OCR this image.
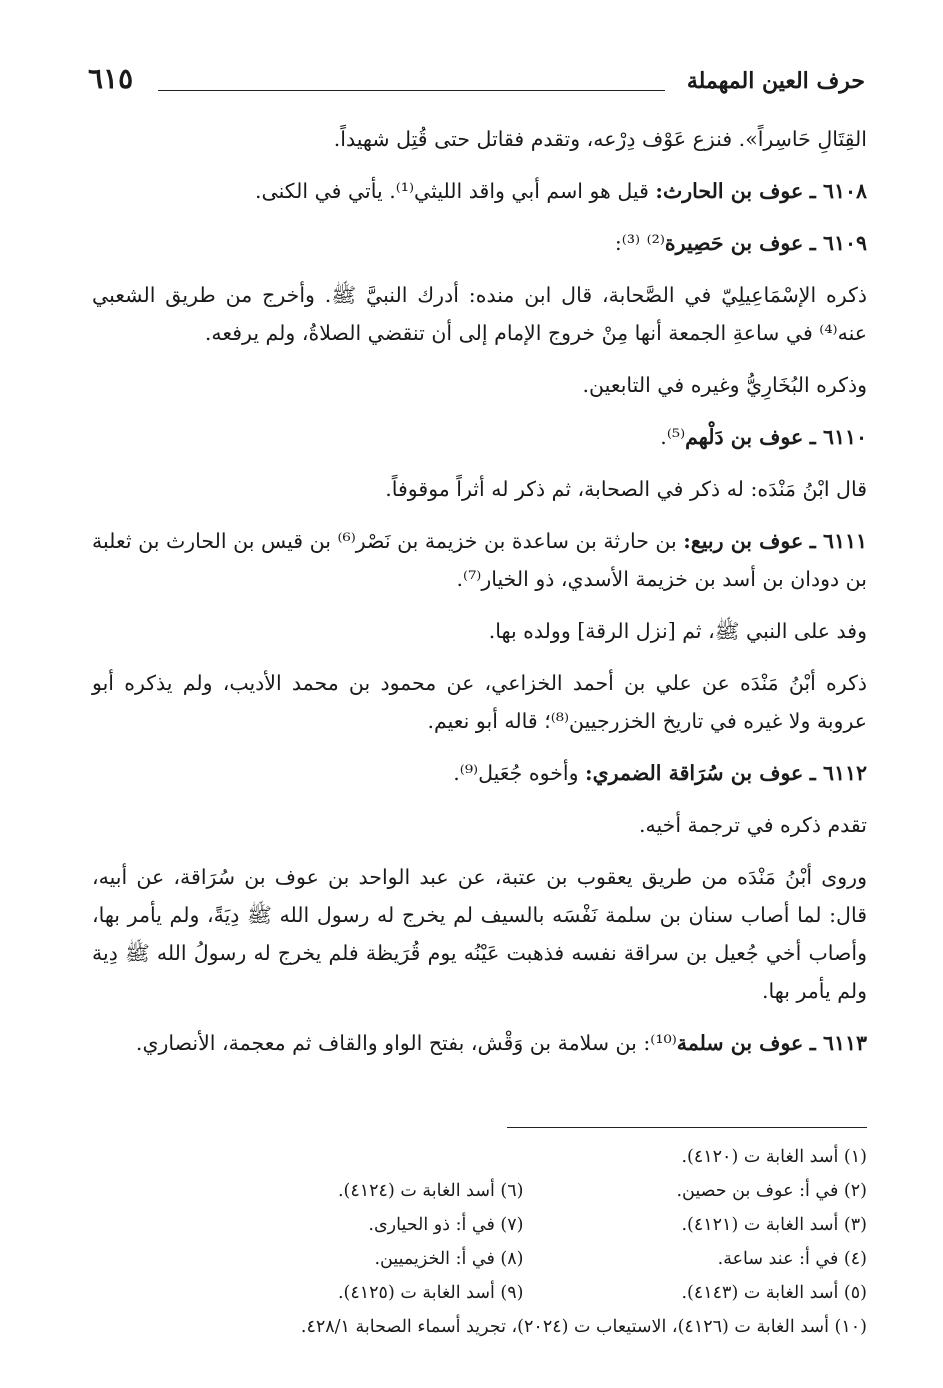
حرف العين المهملة
٦١٥

القِتَالِ حَاسِراً». فنزع عَوْف دِرْعه، وتقدم فقاتل حتى قُتِل شهيداً.

٦١٠٨ ـ عوف بن الحارث: قيل هو اسم أبي واقد الليثي⁽¹⁾. يأتي في الكنى.

٦١٠٩ ـ عوف بن حَصِيرة⁽²⁾ ⁽³⁾:

ذكره الإسْمَاعِيلِيّ في الصَّحابة، قال ابن منده: أدرك النبيَّ ﷺ. وأخرج من طريق الشعبي عنه⁽⁴⁾ في ساعةِ الجمعة أنها مِنْ خروج الإمام إلى أن تنقضي الصلاةُ، ولم يرفعه.

وذكره البُخَارِيُّ وغيره في التابعين.

٦١١٠ ـ عوف بن دَلْهم⁽⁵⁾.

قال ابْنُ مَنْدَه: له ذكر في الصحابة، ثم ذكر له أثراً موقوفاً.

٦١١١ ـ عوف بن ربيع: بن حارثة بن ساعدة بن خزيمة بن نَصْر⁽⁶⁾ بن قيس بن الحارث بن ثعلبة بن دودان بن أسد بن خزيمة الأسدي، ذو الخيار⁽⁷⁾.

وفد على النبي ﷺ، ثم [نزل الرقة] وولده بها.

ذكره أبْنُ مَنْدَه عن علي بن أحمد الخزاعي، عن محمود بن محمد الأديب، ولم يذكره أبو عروبة ولا غيره في تاريخ الخزرجيين⁽⁸⁾؛ قاله أبو نعيم.

٦١١٢ ـ عوف بن سُرَاقة الضمري: وأخوه جُعَيل⁽⁹⁾.

تقدم ذكره في ترجمة أخيه.

وروى أبْنُ مَنْدَه من طريق يعقوب بن عتبة، عن عبد الواحد بن عوف بن سُرَاقة، عن أبيه، قال: لما أصاب سنان بن سلمة نَفْسَه بالسيف لم يخرج له رسول الله ﷺ دِيَةً، ولم يأمر بها، وأصاب أخي جُعيل بن سراقة نفسه فذهبت عَيْنُه يوم قُرَيظة فلم يخرج له رسولُ الله ﷺ دِية ولم يأمر بها.

٦١١٣ ـ عوف بن سلمة⁽¹⁰⁾: بن سلامة بن وَقْش، بفتح الواو والقاف ثم معجمة، الأنصاري.

(١) أسد الغابة ت (٤١٢٠).
(٢) في أ: عوف بن حصين.
(٦) أسد الغابة ت (٤١٢٤).
(٣) أسد الغابة ت (٤١٢١).
(٧) في أ: ذو الحيارى.
(٤) في أ: عند ساعة.
(٨) في أ: الخزيميين.
(٥) أسد الغابة ت (٤١٤٣).
(٩) أسد الغابة ت (٤١٢٥).
(١٠) أسد الغابة ت (٤١٢٦)، الاستيعاب ت (٢٠٢٤)، تجريد أسماء الصحابة ٤٢٨/١.
